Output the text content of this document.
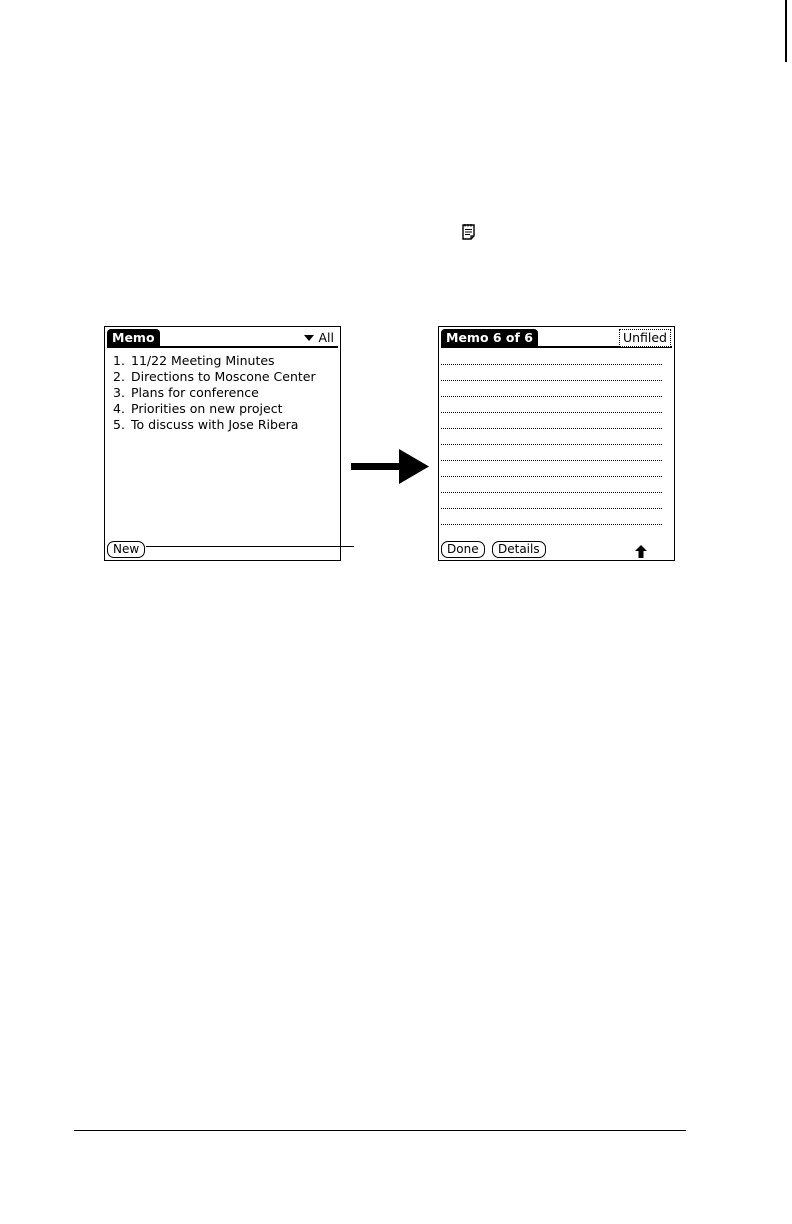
Memo	All
1. 11/22 Meeting Minutes
2. Directions to Moscone Center
3. Plans for conference
4. Priorities on new project
5. To discuss with Jose Ribera
New
Memo 6 of 6	Unfiled
Done	Details
